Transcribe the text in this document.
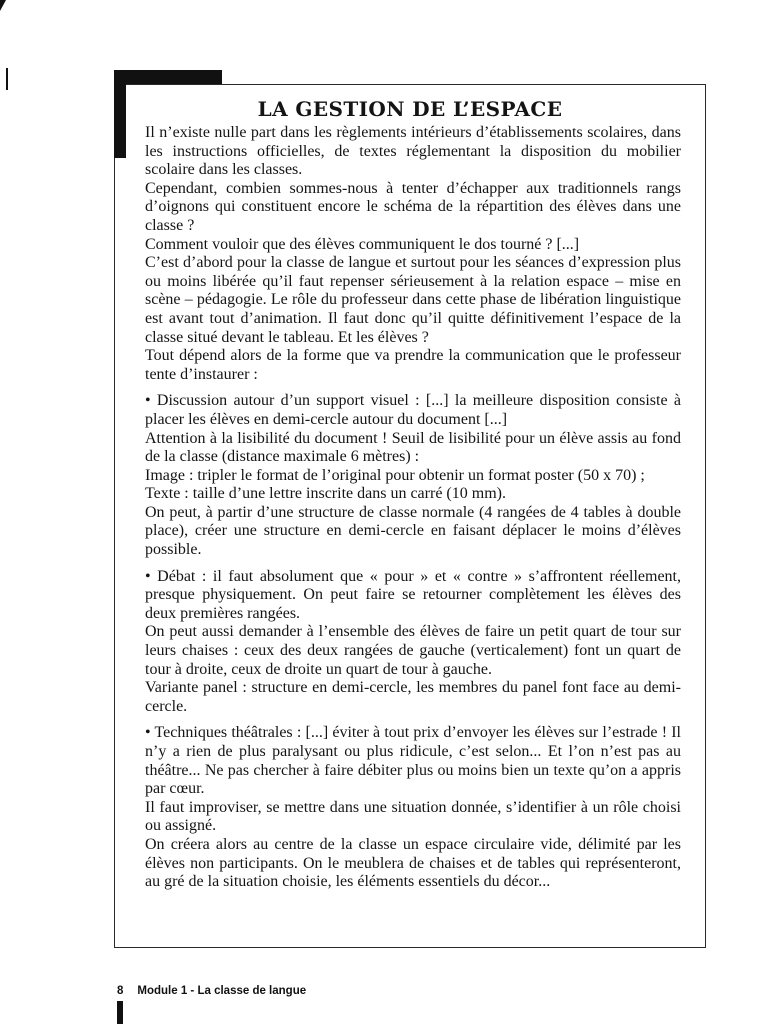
LA GESTION DE L’ESPACE

Il n’existe nulle part dans les règlements intérieurs d’établissements scolaires, dans les instructions officielles, de textes réglementant la disposition du mobilier scolaire dans les classes.

Cependant, combien sommes-nous à tenter d’échapper aux traditionnels rangs d’oignons qui constituent encore le schéma de la répartition des élèves dans une classe ?

Comment vouloir que des élèves communiquent le dos tourné ? [...]

C’est d’abord pour la classe de langue et surtout pour les séances d’expression plus ou moins libérée qu’il faut repenser sérieusement à la relation espace – mise en scène – pédagogie. Le rôle du professeur dans cette phase de libération linguistique est avant tout d’animation. Il faut donc qu’il quitte définitivement l’espace de la classe situé devant le tableau. Et les élèves ?

Tout dépend alors de la forme que va prendre la communication que le professeur tente d’instaurer :

• Discussion autour d’un support visuel : [...] la meilleure disposition consiste à placer les élèves en demi-cercle autour du document [...]

Attention à la lisibilité du document ! Seuil de lisibilité pour un élève assis au fond de la classe (distance maximale 6 mètres) :

Image : tripler le format de l’original pour obtenir un format poster (50 x 70) ;

Texte : taille d’une lettre inscrite dans un carré (10 mm).

On peut, à partir d’une structure de classe normale (4 rangées de 4 tables à double place), créer une structure en demi-cercle en faisant déplacer le moins d’élèves possible.

• Débat : il faut absolument que « pour » et « contre » s’affrontent réellement, presque physiquement. On peut faire se retourner complètement les élèves des deux premières rangées.

On peut aussi demander à l’ensemble des élèves de faire un petit quart de tour sur leurs chaises : ceux des deux rangées de gauche (verticalement) font un quart de tour à droite, ceux de droite un quart de tour à gauche.

Variante panel : structure en demi-cercle, les membres du panel font face au demi-cercle.

• Techniques théâtrales : [...] éviter à tout prix d’envoyer les élèves sur l’estrade ! Il n’y a rien de plus paralysant ou plus ridicule, c’est selon... Et l’on n’est pas au théâtre... Ne pas chercher à faire débiter plus ou moins bien un texte qu’on a appris par cœur.

Il faut improviser, se mettre dans une situation donnée, s’identifier à un rôle choisi ou assigné.

On créera alors au centre de la classe un espace circulaire vide, délimité par les élèves non participants. On le meublera de chaises et de tables qui représenteront, au gré de la situation choisie, les éléments essentiels du décor...

8 Module 1 - La classe de langue
